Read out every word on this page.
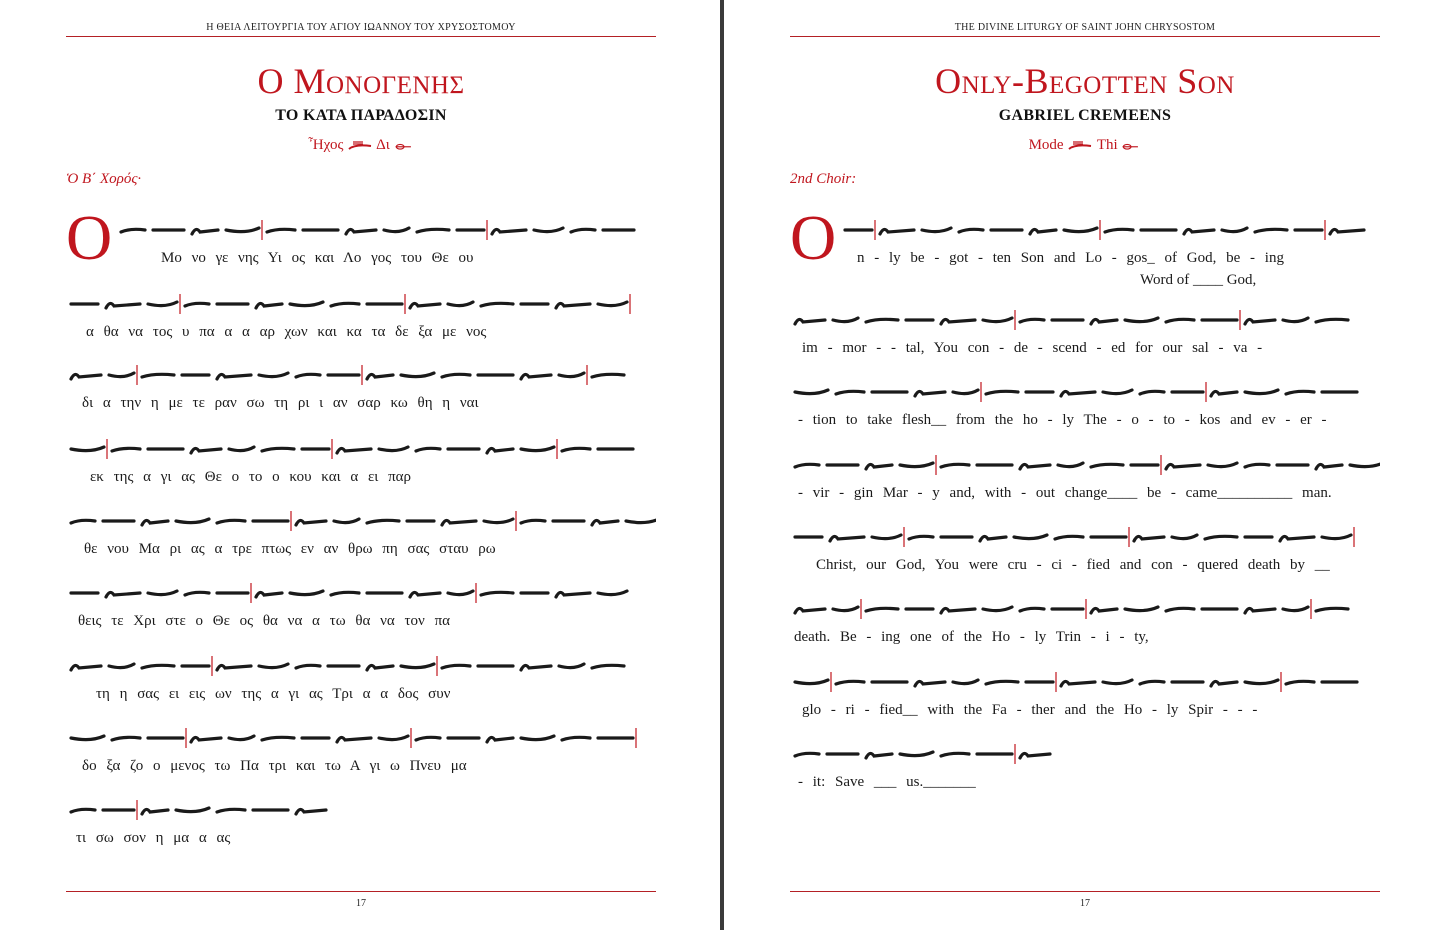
Η ΘΕΙΑ ΛΕΙΤΟΥΡΓΙΑ ΤΟΥ ΑΓΙΟΥ ΙΩΑΝΝΟΥ ΤΟΥ ΧΡΥΣΟΣΤΟΜΟΥ
Ο Μονογενης
ΤΟ ΚΑΤΑ ΠΑΡΑΔΟΣΙΝ
Ἦχος Δι
Ὁ Β΄ Χορός·
Ο	Μο νο γε νης Υι ος και Λο γος του Θε ου
α θα να τος υ πα α α αρ χων και κα τα δε ξα με νος
δι α την η με τε ραν σω τη ρι ι αν σαρ κω θη η ναι
εκ της α γι ας Θε ο το ο κου και α ει παρ
θε νου Μα ρι ας α τρε πτως εν αν θρω πη σας σταυ ρω
θεις τε Χρι στε ο Θε ος θα να α τω θα να τον πα
τη η σας ει εις ων της α γι ας Τρι α α δος συν
δο ξα ζο ο μενος τω Πα τρι και τω Α γι ω Πνευ μα
τι σω σον η μα α ας
17
THE DIVINE LITURGY OF SAINT JOHN CHRYSOSTOM
Only-Begotten Son
GABRIEL CREMEENS
Mode Thi
2nd Choir:
O n - ly be - got - ten Son and Lo - gos_ of God, be - ing
Word of ____ God,
im - mor - - tal, You con - de - scend - ed for our sal - va -
- tion to take flesh__ from the ho - ly The - o - to - kos and ev - er -
- vir - gin Mar - y and, with - out change____ be - came__________ man.
Christ, our God, You were cru - ci - fied and con - quered death by __
death. Be - ing one of the Ho - ly Trin - i - ty,
glo - ri - fied__ with the Fa - ther and the Ho - ly Spir - - -
- it: Save ___ us._______
17
